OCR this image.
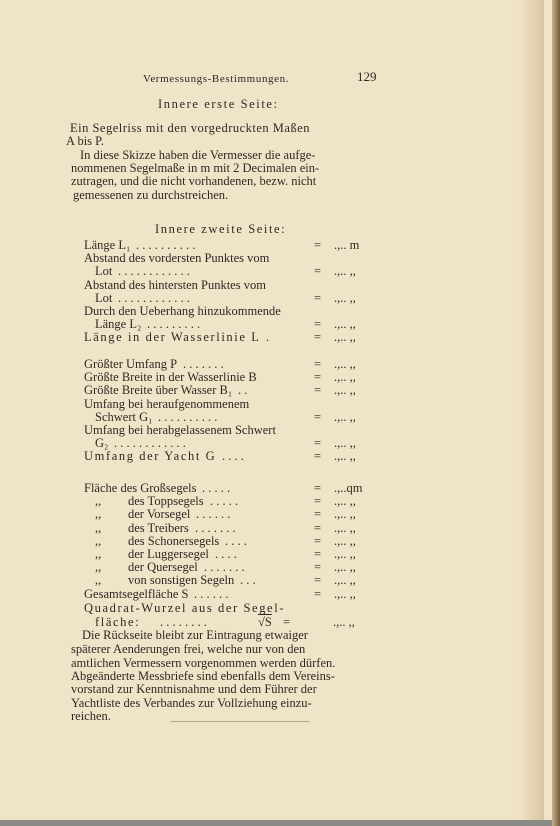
Vermessungs-Bestimmungen.	129
Innere erste Seite:
Ein Segelriss mit den vorgedruckten Maßen
A bis P.
In diese Skizze haben die Vermesser die aufge-
nommenen Segelmaße in m mit 2 Decimalen ein-
zutragen, und die nicht vorhandenen, bezw. nicht
gemessenen zu durchstreichen.
Innere zweite Seite:
Länge L₁ . . . . . . . . . .	= .,.. m
Abstand des vordersten Punktes vom
Lot . . . . . . . . . . . .	= .,.. ,,
Abstand des hintersten Punktes vom
Lot . . . . . . . . . . . .	= .,.. ,,
Durch den Ueberhang hinzukommende
Länge L₂ . . . . . . . . .	= .,.. ,,
Länge in der Wasserlinie L .	= .,.. ,,
Größter Umfang P . . . . . . .	= .,.. ,,
Größte Breite in der Wasserlinie B	= .,.. ,,
Größte Breite über Wasser B₁ . .	= .,.. ,,
Umfang bei heraufgenommenem
Schwert G₁ . . . . . . . . . .	= .,.. ,,
Umfang bei herabgelassenem Schwert
G₂ . . . . . . . . . . . .	= .,.. ,,
Umfang der Yacht G . . . .	= .,.. ,,
Fläche des Großsegels . . . . .	= .,..qm
,, des Toppsegels . . . . .	= .,.. ,,
,, der Vorsegel . . . . . .	= .,.. ,,
,, des Treibers . . . . . . .	= .,.. ,,
,, des Schonersegels . . . .	= .,.. ,,
,, der Luggersegel . . . .	= .,.. ,,
,, der Quersegel . . . . . . .	= .,.. ,,
,, von sonstigen Segeln . . .	= .,.. ,,
Gesamtsegelfläche S . . . . . .	= .,.. ,,
Quadrat-Wurzel aus der Segel-
fläche: . . . . . . . .	√S =	.,.. ,,
Die Rückseite bleibt zur Eintragung etwaiger
späterer Aenderungen frei, welche nur von den
amtlichen Vermessern vorgenommen werden dürfen.
Abgeänderte Messbriefe sind ebenfalls dem Vereins-
vorstand zur Kenntnisnahme und dem Führer der
Yachtliste des Verbandes zur Vollziehung einzu-
reichen.
